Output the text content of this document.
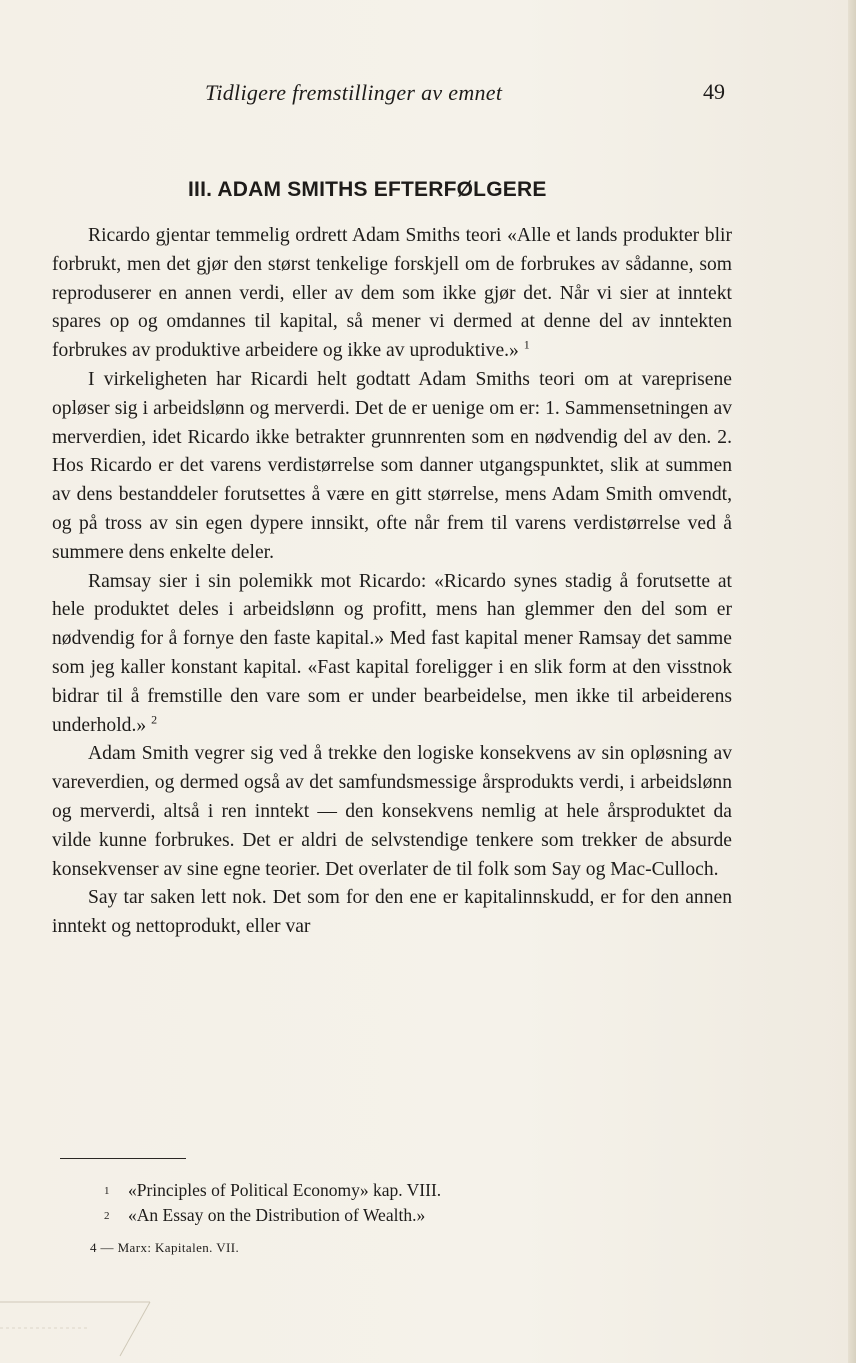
Tidligere fremstillinger av emnet	49
III. ADAM SMITHS EFTERFØLGERE

Ricardo gjentar temmelig ordrett Adam Smiths teori «Alle et lands produkter blir forbrukt, men det gjør den størst tenkelige forskjell om de forbrukes av sådanne, som reproduserer en annen verdi, eller av dem som ikke gjør det. Når vi sier at inntekt spares op og omdannes til kapital, så mener vi dermed at denne del av inntekten forbrukes av produktive arbeidere og ikke av uproduktive.» $^1$

I virkeligheten har Ricardi helt godtatt Adam Smiths teori om at vareprisene opløser sig i arbeidslønn og merverdi. Det de er uenige om er: 1. Sammensetningen av merverdien, idet Ricardo ikke betrakter grunnrenten som en nødvendig del av den. 2. Hos Ricardo er det varens verdistørrelse som danner utgangspunktet, slik at summen av dens bestanddeler forutsettes å være en gitt størrelse, mens Adam Smith omvendt, og på tross av sin egen dypere innsikt, ofte når frem til varens verdistørrelse ved å summere dens enkelte deler.

Ramsay sier i sin polemikk mot Ricardo: «Ricardo synes stadig å forutsette at hele produktet deles i arbeidslønn og profitt, mens han glemmer den del som er nødvendig for å fornye den faste kapital.» Med fast kapital mener Ramsay det samme som jeg kaller konstant kapital. «Fast kapital foreligger i en slik form at den visstnok bidrar til å fremstille den vare som er under bearbeidelse, men ikke til arbeiderens underhold.» $^2$

Adam Smith vegrer sig ved å trekke den logiske konsekvens av sin opløsning av vareverdien, og dermed også av det samfundsmessige årsprodukts verdi, i arbeidslønn og merverdi, altså i ren inntekt — den konsekvens nemlig at hele årsproduktet da vilde kunne forbrukes. Det er aldri de selvstendige tenkere som trekker de absurde konsekvenser av sine egne teorier. Det overlater de til folk som Say og Mac-Culloch.

Say tar saken lett nok. Det som for den ene er kapitalinnskudd, er for den annen inntekt og nettoprodukt, eller var

1 «Principles of Political Economy» kap. VIII.
2 «An Essay on the Distribution of Wealth.»
4 — Marx: Kapitalen. VII.
